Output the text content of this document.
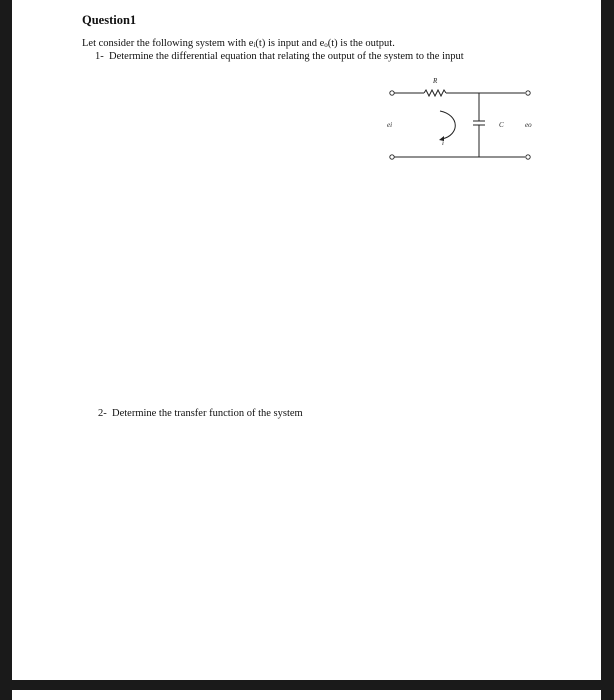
Question1
Let consider the following system with $e_i(t)$ is input and $e_o(t)$ is the output.
1- Determine the differential equation that relating the output of the system to the input
R
C
i
ei	eo
2- Determine the transfer function of the system
